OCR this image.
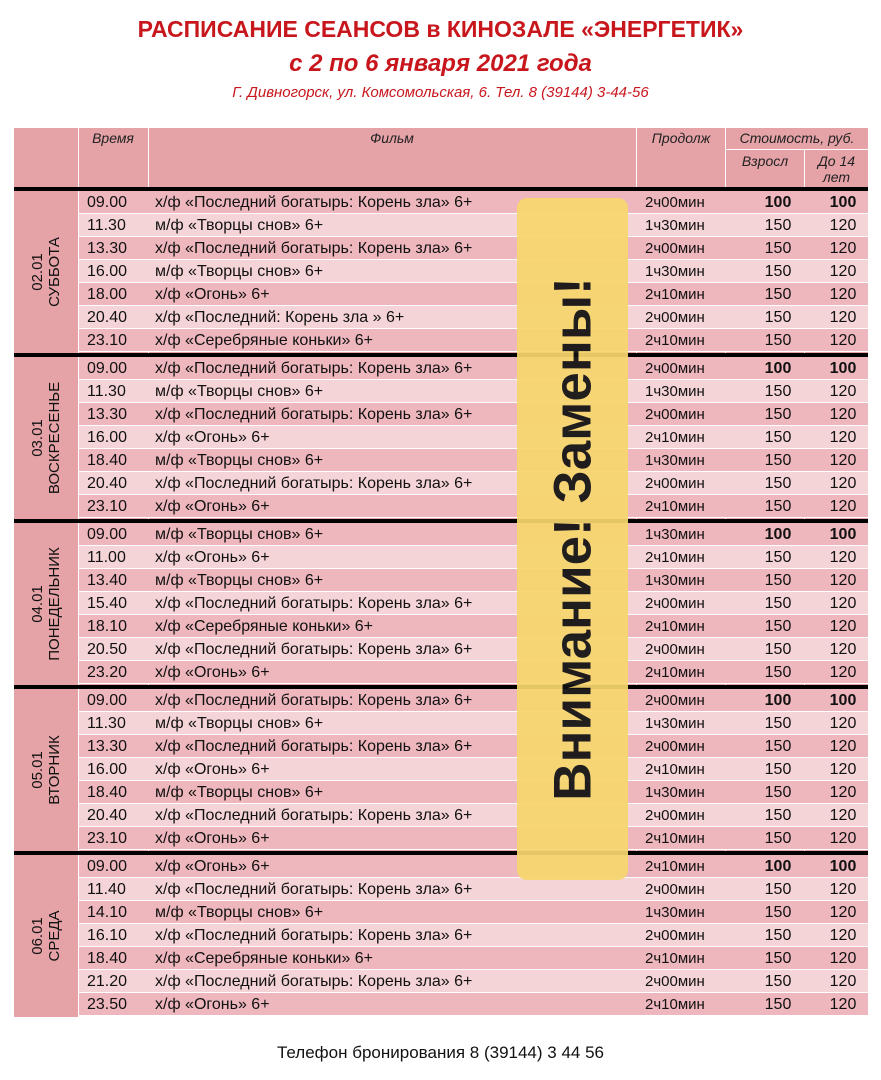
РАСПИСАНИЕ СЕАНСОВ в КИНОЗАЛЕ «ЭНЕРГЕТИК»
с 2 по 6 января 2021 года
Г. Дивногорск, ул. Комсомольская, 6. Тел. 8 (39144) 3-44-56
Время	Фильм	Продолж	Стоимость, руб.
Взросл	До 14 лет
02.01
СУББОТА
09.00 х/ф «Последний богатырь: Корень зла» 6+	2ч00мин	100	100
11.30 м/ф «Творцы снов» 6+	1ч30мин	150	120
13.30 х/ф «Последний богатырь: Корень зла» 6+	2ч00мин	150	120
16.00 м/ф «Творцы снов» 6+	1ч30мин	150	120
18.00 х/ф «Огонь» 6+	2ч10мин	150	120
20.40 х/ф «Последний: Корень зла » 6+	2ч00мин	150	120
23.10 х/ф «Серебряные коньки» 6+	2ч10мин	150	120
03.01
ВОСКРЕСЕНЬЕ
09.00 х/ф «Последний богатырь: Корень зла» 6+	2ч00мин	100	100
11.30 м/ф «Творцы снов» 6+	1ч30мин	150	120
13.30 х/ф «Последний богатырь: Корень зла» 6+	2ч00мин	150	120
16.00 х/ф «Огонь» 6+	2ч10мин	150	120
18.40 м/ф «Творцы снов» 6+	1ч30мин	150	120
20.40 х/ф «Последний богатырь: Корень зла» 6+	2ч00мин	150	120
23.10 х/ф «Огонь» 6+	2ч10мин	150	120
04.01
ПОНЕДЕЛЬНИК
09.00 м/ф «Творцы снов» 6+	1ч30мин	100	100
11.00 х/ф «Огонь» 6+	2ч10мин	150	120
13.40 м/ф «Творцы снов» 6+	1ч30мин	150	120
15.40 х/ф «Последний богатырь: Корень зла» 6+	2ч00мин	150	120
18.10 х/ф «Серебряные коньки» 6+	2ч10мин	150	120
20.50 х/ф «Последний богатырь: Корень зла» 6+	2ч00мин	150	120
23.20 х/ф «Огонь» 6+	2ч10мин	150	120
05.01
ВТОРНИК
09.00 х/ф «Последний богатырь: Корень зла» 6+	2ч00мин	100	100
11.30 м/ф «Творцы снов» 6+	1ч30мин	150	120
13.30 х/ф «Последний богатырь: Корень зла» 6+	2ч00мин	150	120
16.00 х/ф «Огонь» 6+	2ч10мин	150	120
18.40 м/ф «Творцы снов» 6+	1ч30мин	150	120
20.40 х/ф «Последний богатырь: Корень зла» 6+	2ч00мин	150	120
23.10 х/ф «Огонь» 6+	2ч10мин	150	120
06.01
СРЕДА
09.00 х/ф «Огонь» 6+	2ч10мин	100	100
11.40 х/ф «Последний богатырь: Корень зла» 6+	2ч00мин	150	120
14.10 м/ф «Творцы снов» 6+	1ч30мин	150	120
16.10 х/ф «Последний богатырь: Корень зла» 6+	2ч00мин	150	120
18.40 х/ф «Серебряные коньки» 6+	2ч10мин	150	120
21.20 х/ф «Последний богатырь: Корень зла» 6+	2ч00мин	150	120
23.50 х/ф «Огонь» 6+	2ч10мин	150	120
Внимание! Замены!
Телефон бронирования 8 (39144) 3 44 56
